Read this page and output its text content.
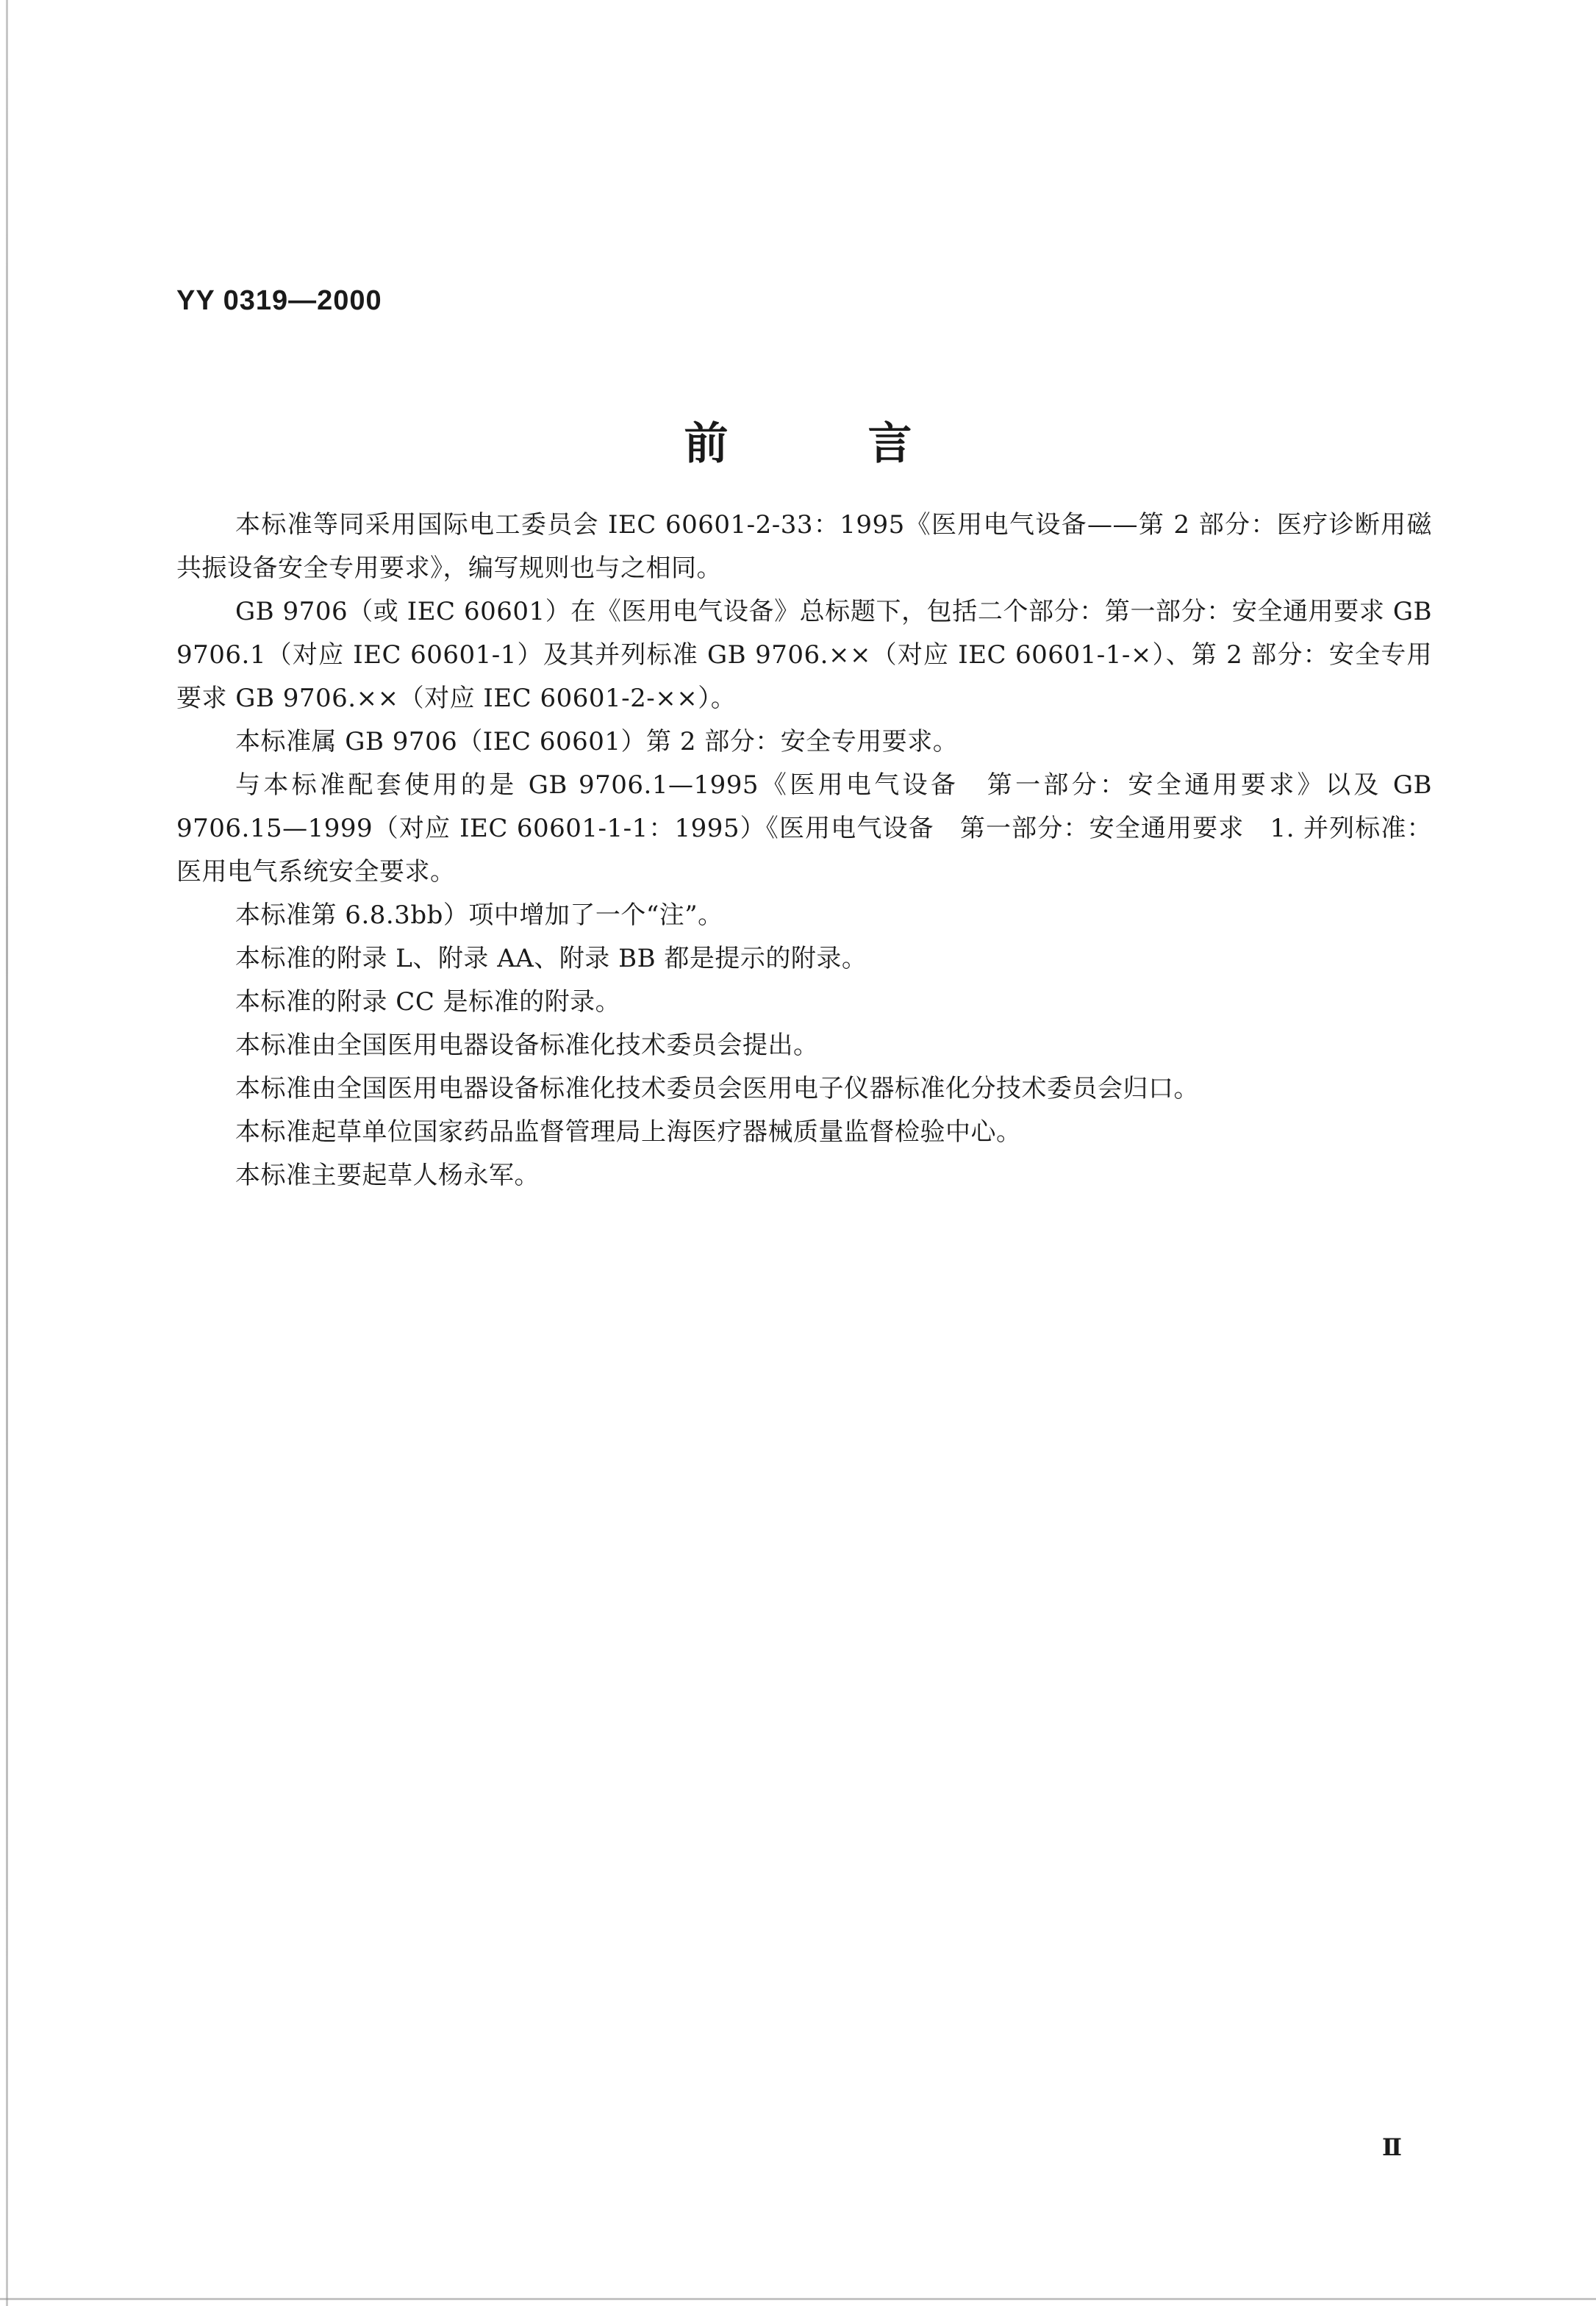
YY 0319—2000

前言

本标准等同采用国际电工委员会 IEC 60601-2-33：1995《医用电气设备——第 2 部分：医疗诊断用磁共振设备安全专用要求》，编写规则也与之相同。

GB 9706（或 IEC 60601）在《医用电气设备》总标题下，包括二个部分：第一部分：安全通用要求 GB 9706.1（对应 IEC 60601-1）及其并列标准 GB 9706.××（对应 IEC 60601-1-×）、第 2 部分：安全专用要求 GB 9706.××（对应 IEC 60601-2-××）。

本标准属 GB 9706（IEC 60601）第 2 部分：安全专用要求。

与本标准配套使用的是 GB 9706.1—1995《医用电气设备　第一部分：安全通用要求》以及 GB 9706.15—1999（对应 IEC 60601-1-1：1995）《医用电气设备　第一部分：安全通用要求　1. 并列标准：医用电气系统安全要求。

本标准第 6.8.3bb）项中增加了一个“注”。

本标准的附录 L、附录 AA、附录 BB 都是提示的附录。

本标准的附录 CC 是标准的附录。

本标准由全国医用电器设备标准化技术委员会提出。

本标准由全国医用电器设备标准化技术委员会医用电子仪器标准化分技术委员会归口。

本标准起草单位国家药品监督管理局上海医疗器械质量监督检验中心。

本标准主要起草人杨永军。

Ⅱ
